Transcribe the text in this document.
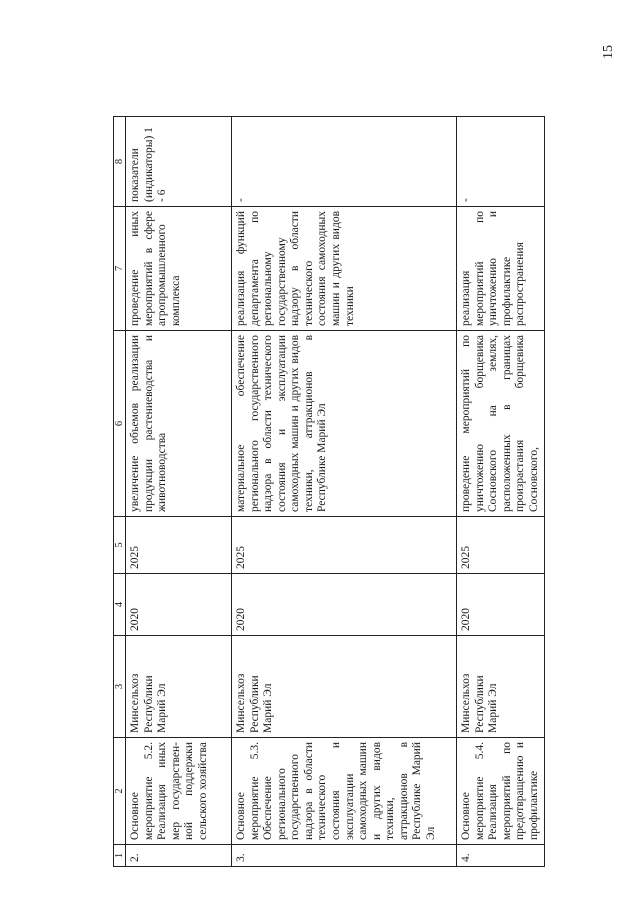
15
1	2	3	4	5	6	7	8
2.	Основное мероприятие 5.2. Реализация иных мер государствен-ной поддержки сельского хозяйства	Минсельхоз Республики Марий Эл	2020	2025	увеличение объемов реализации продукции растениеводства и животноводства	проведение иных мероприятий в сфере агропромышленного комплекса	показатели (индикаторы) 1 - 6
3.	Основное мероприятие 5.3. Обеспечение регионального государственного надзора в области технического состояния и эксплуатации самоходных машин и других видов техники, аттракционов в Республике Марий Эл	Минсельхоз Республики Марий Эл	2020	2025	материальное обеспечение регионального государственного надзора в области технического состояния и эксплуатации самоходных машин и других видов техники, аттракционов в Республике Марий Эл	реализация функций департамента по региональному государственному надзору в области технического состояния самоходных машин и других видов техники	-
4.	Основное мероприятие 5.4. Реализация мероприятий по предотвращению и профилактике	Минсельхоз Республики Марий Эл	2020	2025	проведение мероприятий по уничтожению борщевика Сосновского на землях, расположенных в границах произрастания борщевика Сосновского,	реализация мероприятий по уничтожению и профилактике распространения	-
